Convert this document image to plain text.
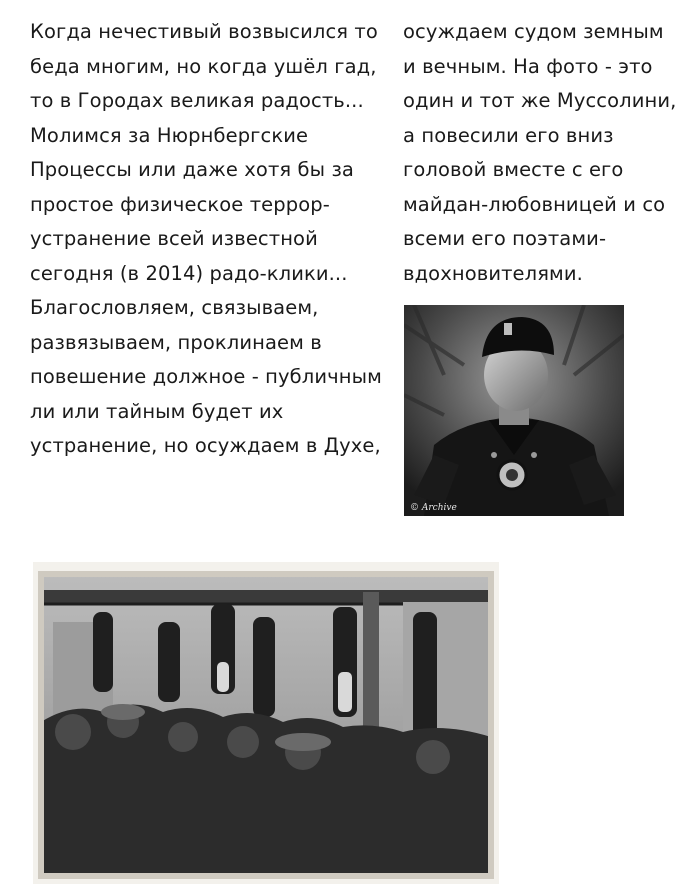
Когда нечестивый возвысился то
беда многим, но когда ушёл гад,
то в Городах великая радость...
Молимся за Нюрнбергские
Процессы или даже хотя бы за
простое физическое террор-
устранение всей известной
сегодня (в 2014) радо-клики...
Благословляем, связываем,
развязываем, проклинаем в
повешение должное - публичным
ли или тайным будет их
устранение, но осуждаем в Духе,
осуждаем судом земным
и вечным. На фото - это
один и тот же Муссолини,
а повесили его вниз
головой вместе с его
майдан-любовницей и со
всеми его поэтами-
вдохновителями.
© Archive
